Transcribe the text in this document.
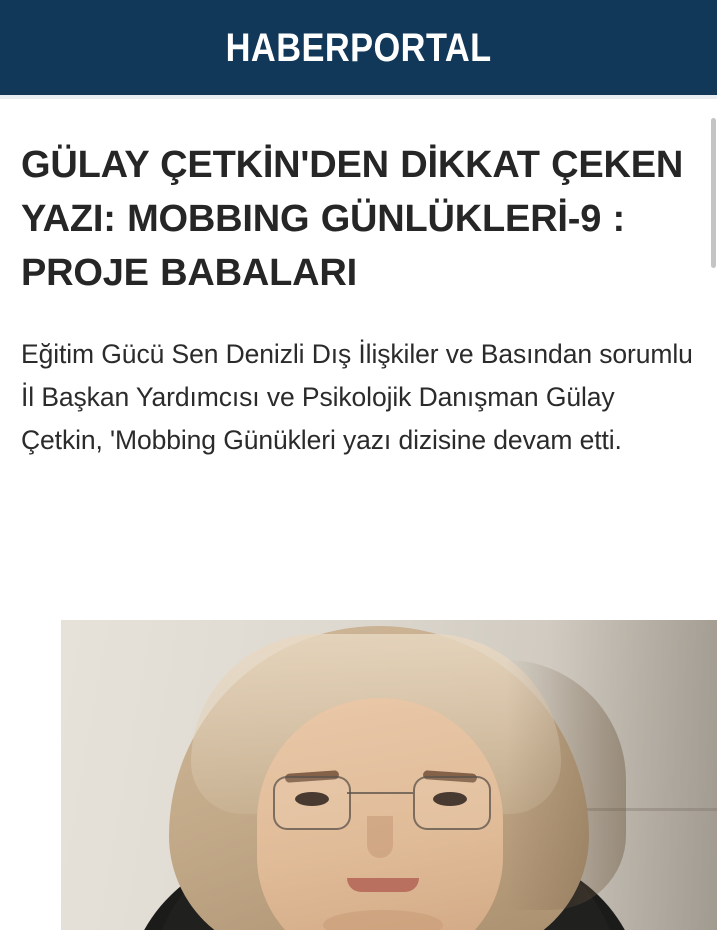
HABERPORTAL
GÜLAY ÇETKİN'DEN DİKKAT ÇEKEN YAZI: MOBBING GÜNLÜKLERİ-9 : PROJE BABALARI

Eğitim Gücü Sen Denizli Dış İlişkiler ve Basından sorumlu İl Başkan Yardımcısı ve Psikolojik Danışman Gülay Çetkin, 'Mobbing Günükleri yazı dizisine devam etti.
